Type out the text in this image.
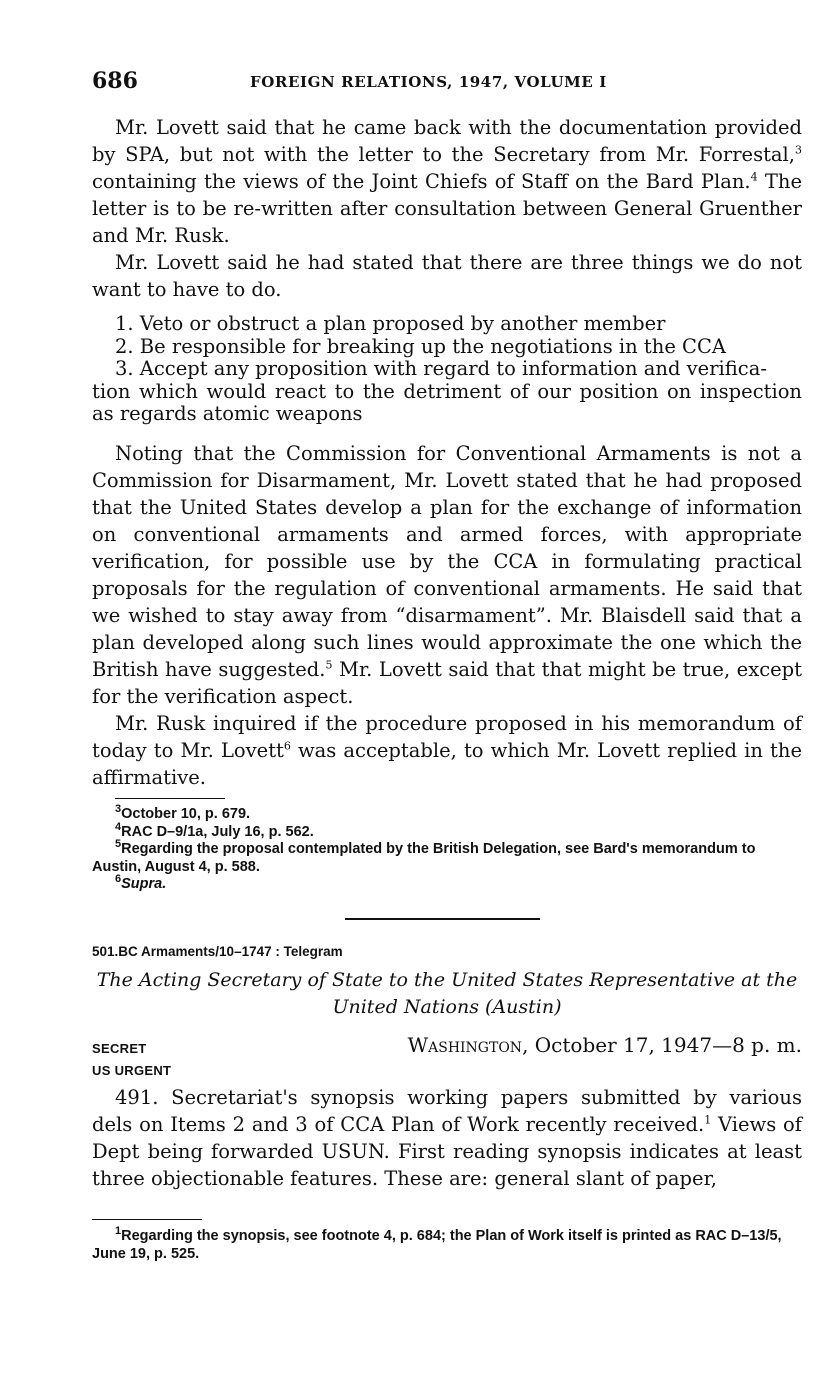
686	FOREIGN RELATIONS, 1947, VOLUME I

Mr. Lovett said that he came back with the documentation provided by SPA, but not with the letter to the Secretary from Mr. Forrestal,$^3$ containing the views of the Joint Chiefs of Staff on the Bard Plan.$^4$ The letter is to be re-written after consultation between General Gruenther and Mr. Rusk.

Mr. Lovett said he had stated that there are three things we do not want to have to do.

1. Veto or obstruct a plan proposed by another member
2. Be responsible for breaking up the negotiations in the CCA
3. Accept any proposition with regard to information and verifica-
tion which would react to the detriment of our position on inspection as regards atomic weapons

Noting that the Commission for Conventional Armaments is not a Commission for Disarmament, Mr. Lovett stated that he had proposed that the United States develop a plan for the exchange of information on conventional armaments and armed forces, with appropriate verification, for possible use by the CCA in formulating practical proposals for the regulation of conventional armaments. He said that we wished to stay away from “disarmament”. Mr. Blaisdell said that a plan developed along such lines would approximate the one which the British have suggested.$^5$ Mr. Lovett said that that might be true, except for the verification aspect.

Mr. Rusk inquired if the procedure proposed in his memorandum of today to Mr. Lovett$^6$ was acceptable, to which Mr. Lovett replied in the affirmative.

$^3$October 10, p. 679.
$^4$RAC D–9/1a, July 16, p. 562.
$^5$Regarding the proposal contemplated by the British Delegation, see Bard's memorandum to Austin, August 4, p. 588.
$^6$Supra.
501.BC Armaments/10–1747 : Telegram
The Acting Secretary of State to the United States Representative at the United Nations (Austin)
SECRET	Washington, October 17, 1947—8 p. m.
US URGENT

491. Secretariat's synopsis working papers submitted by various dels on Items 2 and 3 of CCA Plan of Work recently received.$^1$ Views of Dept being forwarded USUN. First reading synopsis indicates at least three objectionable features. These are: general slant of paper,

$^1$Regarding the synopsis, see footnote 4, p. 684; the Plan of Work itself is printed as RAC D–13/5, June 19, p. 525.
